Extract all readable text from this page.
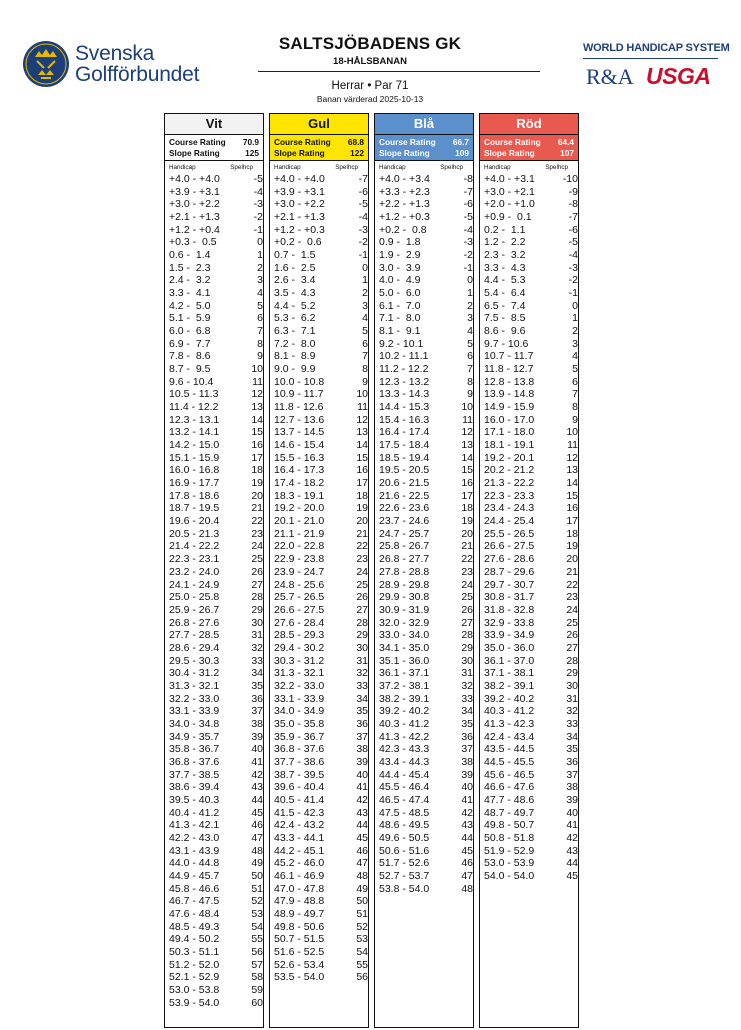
Svenska
Golfförbundet
SALTSJÖBADENS GK
18-HÅLSBANAN
Herrar • Par 71
Banan värderad 2025-10-13
WORLD HANDICAP SYSTEM
R&A USGA
Vit
Course Rating 70.9
Slope Rating	125
Handicap	Spelhcp
+4.0 - +4.0	-5
+3.9 - +3.1	-4
+3.0 - +2.2	-3
+2.1 - +1.3	-2
+1.2 - +0.4	-1
+0.3 -  0.5	0
0.6 -  1.4	1
1.5 -  2.3	2
2.4 -  3.2	3
3.3 -  4.1	4
4.2 -  5.0	5
5.1 -  5.9	6
6.0 -  6.8	7
6.9 -  7.7	8
7.8 -  8.6	9
8.7 -  9.5	10
9.6 - 10.4	11
10.5 - 11.3	12
11.4 - 12.2	13
12.3 - 13.1	14
13.2 - 14.1	15
14.2 - 15.0	16
15.1 - 15.9	17
16.0 - 16.8	18
16.9 - 17.7	19
17.8 - 18.6	20
18.7 - 19.5	21
19.6 - 20.4	22
20.5 - 21.3	23
21.4 - 22.2	24
22.3 - 23.1	25
23.2 - 24.0	26
24.1 - 24.9	27
25.0 - 25.8	28
25.9 - 26.7	29
26.8 - 27.6	30
27.7 - 28.5	31
28.6 - 29.4	32
29.5 - 30.3	33
30.4 - 31.2	34
31.3 - 32.1	35
32.2 - 33.0	36
33.1 - 33.9	37
34.0 - 34.8	38
34.9 - 35.7	39
35.8 - 36.7	40
36.8 - 37.6	41
37.7 - 38.5	42
38.6 - 39.4	43
39.5 - 40.3	44
40.4 - 41.2	45
41.3 - 42.1	46
42.2 - 43.0	47
43.1 - 43.9	48
44.0 - 44.8	49
44.9 - 45.7	50
45.8 - 46.6	51
46.7 - 47.5	52
47.6 - 48.4	53
48.5 - 49.3	54
49.4 - 50.2	55
50.3 - 51.1	56
51.2 - 52.0	57
52.1 - 52.9	58
53.0 - 53.8	59
53.9 - 54.0	60
Gul
Course Rating 68.8
Slope Rating	122
Handicap	Spelhcp
+4.0 - +4.0	-7
+3.9 - +3.1	-6
+3.0 - +2.2	-5
+2.1 - +1.3	-4
+1.2 - +0.3	-3
+0.2 -  0.6	-2
0.7 -  1.5	-1
1.6 -  2.5	0
2.6 -  3.4	1
3.5 -  4.3	2
4.4 -  5.2	3
5.3 -  6.2	4
6.3 -  7.1	5
7.2 -  8.0	6
8.1 -  8.9	7
9.0 -  9.9	8
10.0 - 10.8	9
10.9 - 11.7	10
11.8 - 12.6	11
12.7 - 13.6	12
13.7 - 14.5	13
14.6 - 15.4	14
15.5 - 16.3	15
16.4 - 17.3	16
17.4 - 18.2	17
18.3 - 19.1	18
19.2 - 20.0	19
20.1 - 21.0	20
21.1 - 21.9	21
22.0 - 22.8	22
22.9 - 23.8	23
23.9 - 24.7	24
24.8 - 25.6	25
25.7 - 26.5	26
26.6 - 27.5	27
27.6 - 28.4	28
28.5 - 29.3	29
29.4 - 30.2	30
30.3 - 31.2	31
31.3 - 32.1	32
32.2 - 33.0	33
33.1 - 33.9	34
34.0 - 34.9	35
35.0 - 35.8	36
35.9 - 36.7	37
36.8 - 37.6	38
37.7 - 38.6	39
38.7 - 39.5	40
39.6 - 40.4	41
40.5 - 41.4	42
41.5 - 42.3	43
42.4 - 43.2	44
43.3 - 44.1	45
44.2 - 45.1	46
45.2 - 46.0	47
46.1 - 46.9	48
47.0 - 47.8	49
47.9 - 48.8	50
48.9 - 49.7	51
49.8 - 50.6	52
50.7 - 51.5	53
51.6 - 52.5	54
52.6 - 53.4	55
53.5 - 54.0	56
Blå
Course Rating 66.7
Slope Rating	109
Handicap	Spelhcp
+4.0 - +3.4	-8
+3.3 - +2.3	-7
+2.2 - +1.3	-6
+1.2 - +0.3	-5
+0.2 -  0.8	-4
0.9 -  1.8	-3
1.9 -  2.9	-2
3.0 -  3.9	-1
4.0 -  4.9	0
5.0 -  6.0	1
6.1 -  7.0	2
7.1 -  8.0	3
8.1 -  9.1	4
9.2 - 10.1	5
10.2 - 11.1	6
11.2 - 12.2	7
12.3 - 13.2	8
13.3 - 14.3	9
14.4 - 15.3	10
15.4 - 16.3	11
16.4 - 17.4	12
17.5 - 18.4	13
18.5 - 19.4	14
19.5 - 20.5	15
20.6 - 21.5	16
21.6 - 22.5	17
22.6 - 23.6	18
23.7 - 24.6	19
24.7 - 25.7	20
25.8 - 26.7	21
26.8 - 27.7	22
27.8 - 28.8	23
28.9 - 29.8	24
29.9 - 30.8	25
30.9 - 31.9	26
32.0 - 32.9	27
33.0 - 34.0	28
34.1 - 35.0	29
35.1 - 36.0	30
36.1 - 37.1	31
37.2 - 38.1	32
38.2 - 39.1	33
39.2 - 40.2	34
40.3 - 41.2	35
41.3 - 42.2	36
42.3 - 43.3	37
43.4 - 44.3	38
44.4 - 45.4	39
45.5 - 46.4	40
46.5 - 47.4	41
47.5 - 48.5	42
48.6 - 49.5	43
49.6 - 50.5	44
50.6 - 51.6	45
51.7 - 52.6	46
52.7 - 53.7	47
53.8 - 54.0	48
Röd
Course Rating 64.4
Slope Rating	107
Handicap	Spelhcp
+4.0 - +3.1	-10
+3.0 - +2.1	-9
+2.0 - +1.0	-8
+0.9 -  0.1	-7
0.2 -  1.1	-6
1.2 -  2.2	-5
2.3 -  3.2	-4
3.3 -  4.3	-3
4.4 -  5.3	-2
5.4 -  6.4	-1
6.5 -  7.4	0
7.5 -  8.5	1
8.6 -  9.6	2
9.7 - 10.6	3
10.7 - 11.7	4
11.8 - 12.7	5
12.8 - 13.8	6
13.9 - 14.8	7
14.9 - 15.9	8
16.0 - 17.0	9
17.1 - 18.0	10
18.1 - 19.1	11
19.2 - 20.1	12
20.2 - 21.2	13
21.3 - 22.2	14
22.3 - 23.3	15
23.4 - 24.3	16
24.4 - 25.4	17
25.5 - 26.5	18
26.6 - 27.5	19
27.6 - 28.6	20
28.7 - 29.6	21
29.7 - 30.7	22
30.8 - 31.7	23
31.8 - 32.8	24
32.9 - 33.8	25
33.9 - 34.9	26
35.0 - 36.0	27
36.1 - 37.0	28
37.1 - 38.1	29
38.2 - 39.1	30
39.2 - 40.2	31
40.3 - 41.2	32
41.3 - 42.3	33
42.4 - 43.4	34
43.5 - 44.5	35
44.5 - 45.5	36
45.6 - 46.5	37
46.6 - 47.6	38
47.7 - 48.6	39
48.7 - 49.7	40
49.8 - 50.7	41
50.8 - 51.8	42
51.9 - 52.9	43
53.0 - 53.9	44
54.0 - 54.0	45
